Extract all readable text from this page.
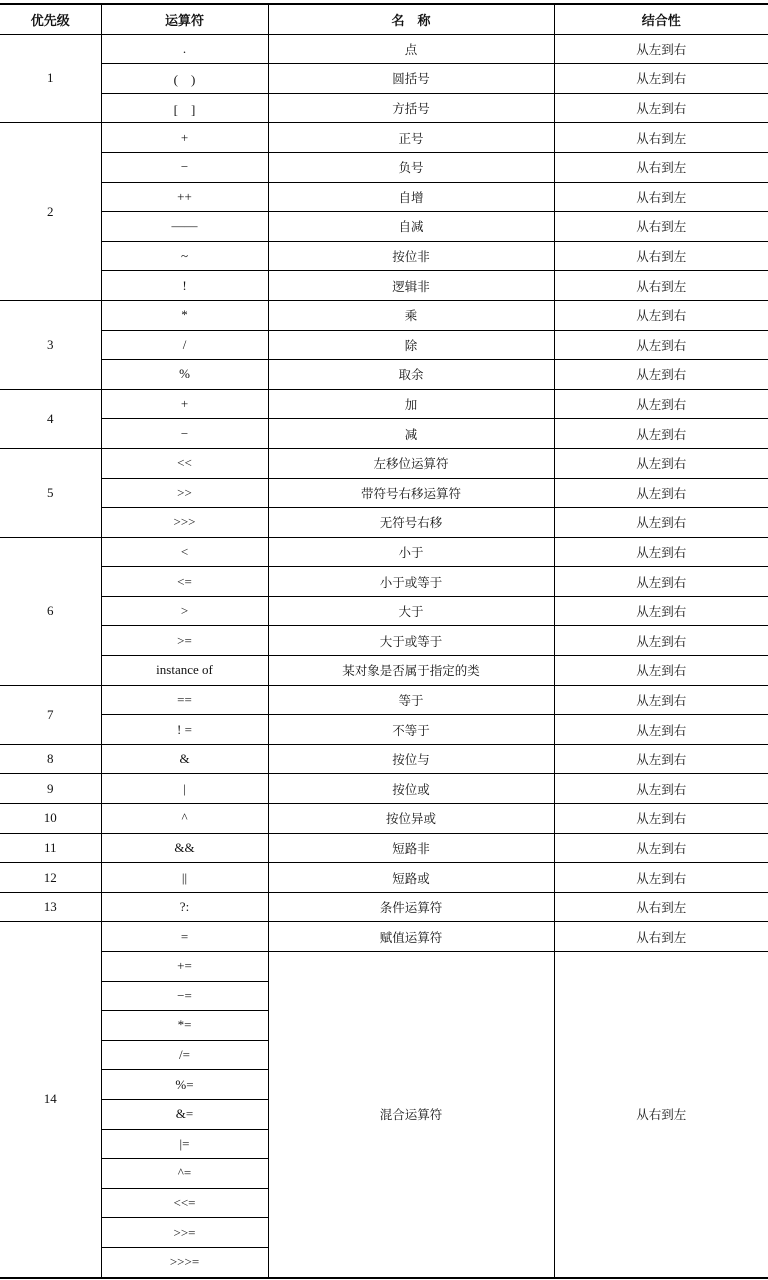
优先级	运算符	名　称	结合性
1	.	点	从左到右
	(　)	圆括号	从左到右
	[　]	方括号	从左到右
2	+	正号	从右到左
	−	负号	从右到左
	++	自增	从右到左
	——	自减	从右到左
	~	按位非	从右到左
	!	逻辑非	从右到左
3	*	乘	从左到右
	/	除	从左到右
	%	取余	从左到右
4	+	加	从左到右
	−	减	从左到右
5	<<	左移位运算符	从左到右
	>>	带符号右移运算符	从左到右
	>>>	无符号右移	从左到右
6	<	小于	从左到右
	<=	小于或等于	从左到右
	>	大于	从左到右
	>=	大于或等于	从左到右
	instance of	某对象是否属于指定的类	从左到右
7	==	等于	从左到右
	! =	不等于	从左到右
8	&	按位与	从左到右
9	|	按位或	从左到右
10	^	按位异或	从左到右
11	&&	短路非	从左到右
12	||	短路或	从左到右
13	?:	条件运算符	从右到左
14	=	赋值运算符	从右到左
	+=	混合运算符	从右到左
	−=		
	*=		
	/=		
	%=		
	&=		
	|=		
	^=		
	<<=		
	>>=		
	>>>=		
